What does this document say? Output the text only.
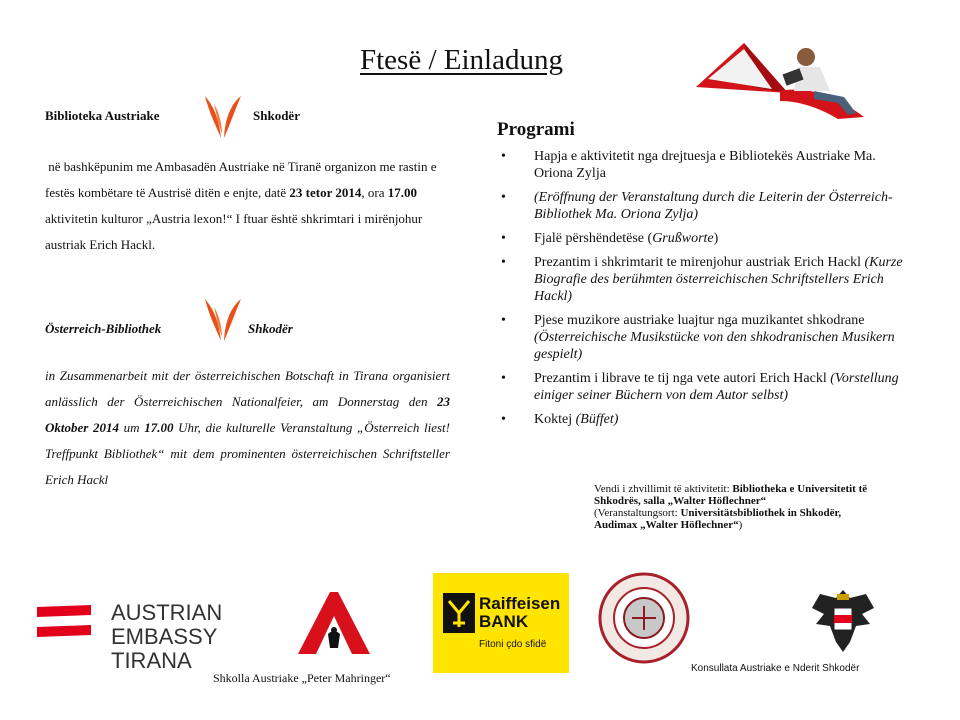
Ftesë / Einladung
Biblioteka Austriake	Shkodër
në bashkëpunim me Ambasadën Austriake në Tiranë organizon me rastin e festës kombëtare të Austrisë ditën e enjte, datë 23 tetor 2014, ora 17.00 aktivitetin kulturor „Austria lexon!“ I ftuar është shkrimtari i mirënjohur austriak Erich Hackl.
Österreich-Bibliothek	Shkodër
in Zusammenarbeit mit der österreichischen Botschaft in Tirana organisiert anlässlich der Österreichischen Nationalfeier, am Donnerstag den 23 Oktober 2014 um 17.00 Uhr, die kulturelle Veranstaltung „Österreich liest! Treffpunkt Bibliothek“ mit dem prominenten österreichischen Schriftsteller Erich Hackl
Programi
• Hapja e aktivitetit nga drejtuesja e Bibliotekës Austriake Ma. Oriona Zylja
• (Eröffnung der Veranstaltung durch die Leiterin der Österreich-Bibliothek Ma. Oriona Zylja)
• Fjalë përshëndetëse (Grußworte)
• Prezantim i shkrimtarit te mirenjohur austriak Erich Hackl (Kurze Biografie des berühmten österreichischen Schriftstellers Erich Hackl)
• Pjese muzikore austriake luajtur nga muzikantet shkodrane (Österreichische Musikstücke von den shkodranischen Musikern gespielt)
• Prezantim i librave te tij nga vete autori Erich Hackl (Vorstellung einiger seiner Büchern von dem Autor selbst)
• Koktej (Büffet)
Vendi i zhvillimit të aktivitetit: Bibliotheka e Universitetit të Shkodrës, salla „Walter Höflechner“
(Veranstaltungsort: Universitätsbibliothek in Shkodër, Audimax „Walter Höflechner“)
AUSTRIAN
EMBASSY
TIRANA
Shkolla Austriake „Peter Mahringer“
Raiffeisen
BANK
Fitoni çdo sfidë
Konsullata Austriake e Nderit Shkodër
